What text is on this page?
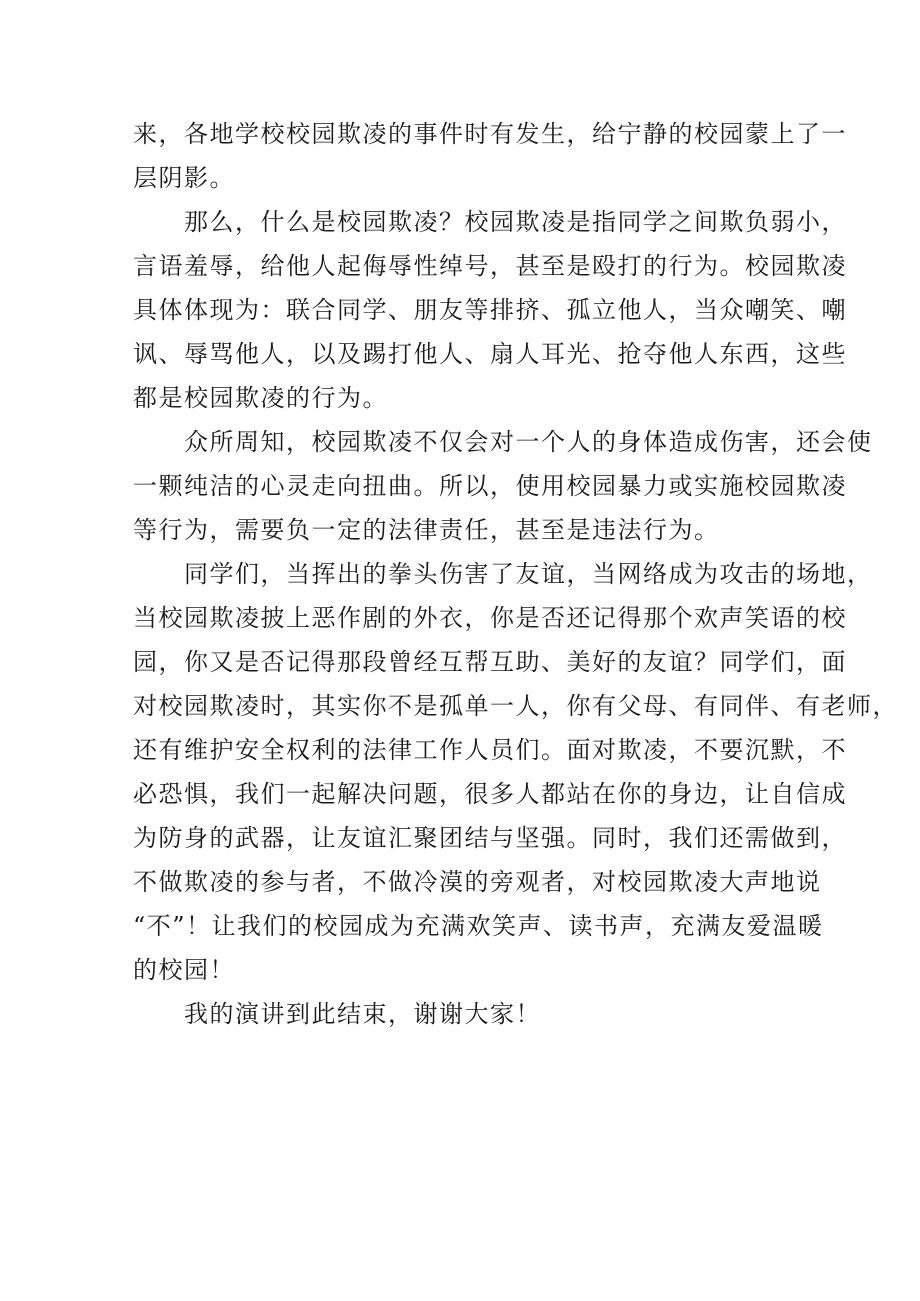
来，各地学校校园欺凌的事件时有发生，给宁静的校园蒙上了一
层阴影。

　　那么，什么是校园欺凌？校园欺凌是指同学之间欺负弱小，
言语羞辱，给他人起侮辱性绰号，甚至是殴打的行为。校园欺凌
具体体现为：联合同学、朋友等排挤、孤立他人，当众嘲笑、嘲
讽、辱骂他人，以及踢打他人、扇人耳光、抢夺他人东西，这些
都是校园欺凌的行为。

　　众所周知，校园欺凌不仅会对一个人的身体造成伤害，还会使
一颗纯洁的心灵走向扭曲。所以，使用校园暴力或实施校园欺凌
等行为，需要负一定的法律责任，甚至是违法行为。

　　同学们，当挥出的拳头伤害了友谊，当网络成为攻击的场地，
当校园欺凌披上恶作剧的外衣，你是否还记得那个欢声笑语的校
园，你又是否记得那段曾经互帮互助、美好的友谊？同学们，面
对校园欺凌时，其实你不是孤单一人，你有父母、有同伴、有老师，
还有维护安全权利的法律工作人员们。面对欺凌，不要沉默，不
必恐惧，我们一起解决问题，很多人都站在你的身边，让自信成
为防身的武器，让友谊汇聚团结与坚强。同时，我们还需做到，
不做欺凌的参与者，不做冷漠的旁观者，对校园欺凌大声地说
“不”！让我们的校园成为充满欢笑声、读书声，充满友爱温暖
的校园！

　　我的演讲到此结束，谢谢大家！
